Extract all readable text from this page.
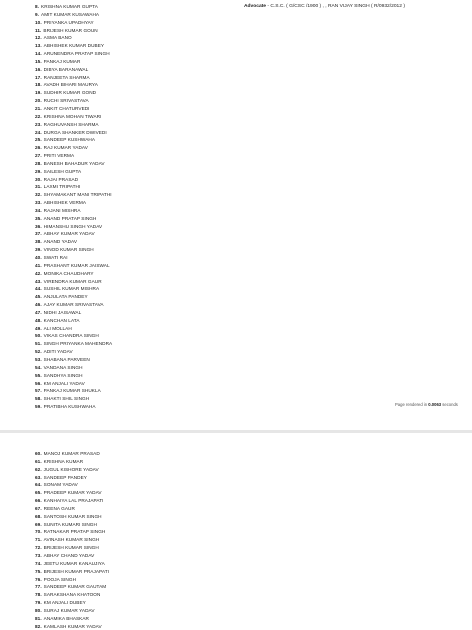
8. KRISHNA KUMAR GUPTA
9. AMIT KUMAR KUSAWAHA
10. PRIYANKA UPADHYAY
11. BRIJESH KUMAR GOUN
12. ASMA BANO
13. ABHISHEK KUMAR DUBEY
14. ARUNENDRA PRATAP SINGH
15. PANKAJ KUMAR
16. DIBYA BARANAWAL
17. RANJEETA SHARMA
18. AVADH BIHARI MAURYA
19. SUDHIR KUMAR GOND
20. RUCHI SRIVASTAVA
21. ANKIT CHATURVEDI
22. KRISHNA MOHAN TIWARI
23. RAGHUVANSH SHARMA
24. DURGA SHANKER DWIVEDI
25. SANDEEP KUSHWAHA
26. RAJ KUMAR YADAV
27. PRITI VERMA
28. BANESH BAHADUR YADAV
29. SAILESH GUPTA
30. RAJAI PRASAD
31. LAXMI TRIPATHI
32. SHYAMAKANT MANI TRIPATHI
33. ABHISHEK VERMA
34. RAJANI MISHRA
35. ANAND PRATAP SINGH
36. HIMANSHU SINGH YADAV
37. ABHAY KUMAR YADAV
38. ANAND YADAV
39. VINOD KUMAR SINGH
40. SWATI RAI
41. PRASHANT KUMAR JAISWAL
42. MONIKA CHAUDHARY
43. VIRENDRA KUMAR GAUR
44. SUSHIL KUMAR MISHRA
45. ANJULATA PANDEY
46. AJAY KUMAR SRIVASTAVA
47. NIDHI JAISAWAL
48. KANCHAN LATA
49. ALI MOLLAH
50. VIKAS CHANDRA SINGH
51. SINGH PRIYANKA MAHENDRA
52. ADITI YADAV
53. SHABANA PARVEEN
54. VANDANA SINGH
55. SANDHYA SINGH
56. KM ANJALI YADAV
57. PANKAJ KUMAR SHUKLA
58. SHAKTI SHIL SINGH
59. PRATIBHA KUSHWAHA
Advocate - C.S.C. ( G/CSC /1900 ) , , RAN VIJAY SINGH ( R/0932/2012 )
Page rendered in 0.0063 seconds
60. MANOJ KUMAR PRASAD
61. KRISHNA KUMAR
62. JUGUL KISHORE YADAV
63. SANDEEP PANDEY
64. SONAM YADAV
65. PRADEEP KUMAR YADAV
66. KANHAIYA LAL PRAJAPATI
67. REENA GAUR
68. SANTOSH KUMAR SINGH
69. SUNITA KUMARI SINGH
70. RATNAKAR PRATAP SINGH
71. AVINASH KUMAR SINGH
72. BRIJESH KUMAR SINGH
73. ABHAY CHAND YADAV
74. JEETU KUMAR KANAUJIYA
75. BRIJESH KUMAR PRAJAPATI
76. POOJA SINGH
77. SANDEEP KUMAR GAUTAM
78. SARAKSHANA KHATOON
79. KM ANJALI DUBEY
80. SURAJ KUMAR YADAV
81. ANAMIKA BHASKAR
82. KAMLASH KUMAR YADAV
